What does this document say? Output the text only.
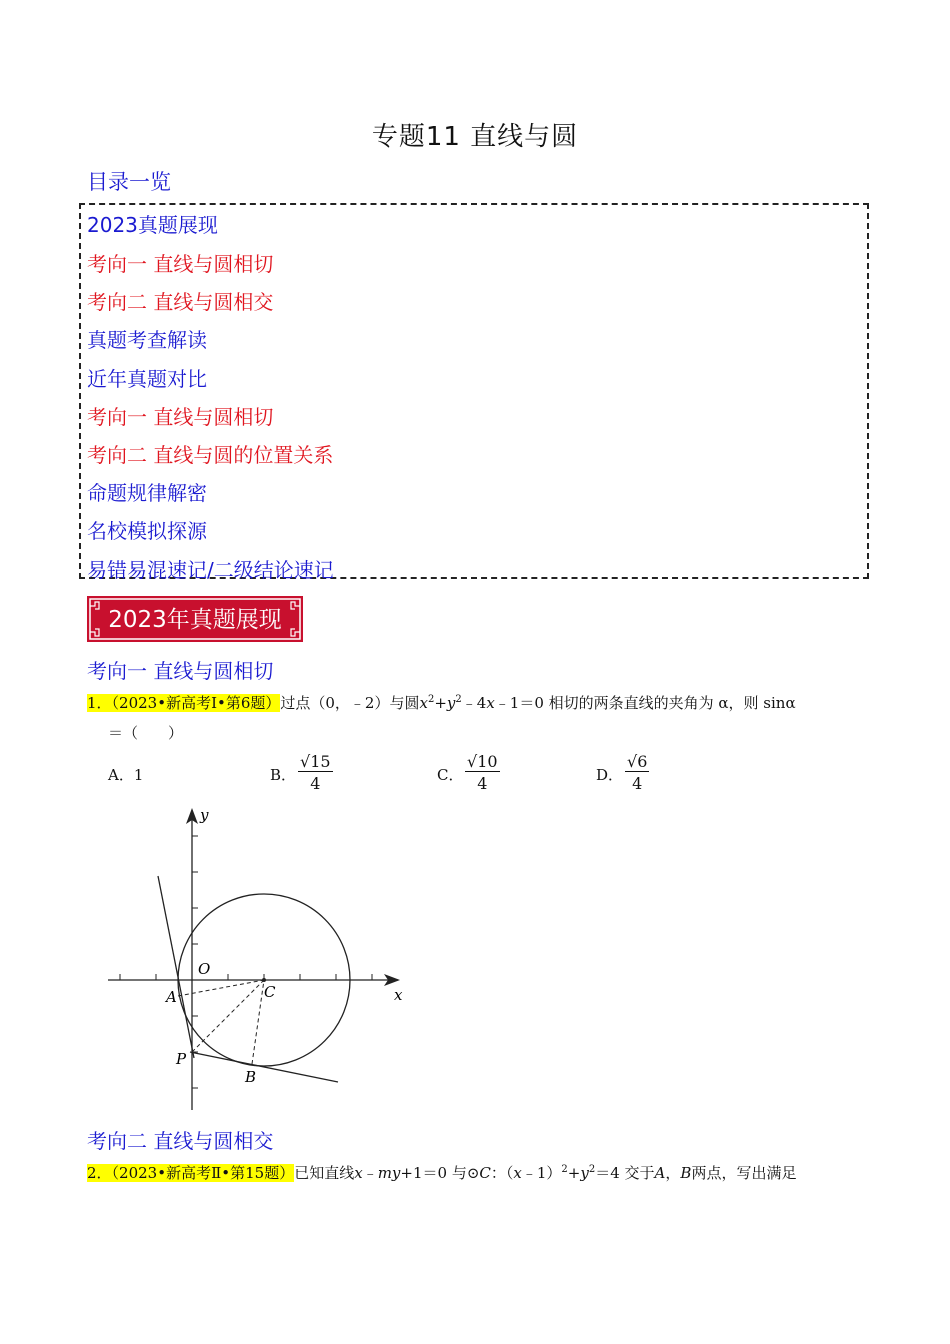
专题11 直线与圆
目录一览
2023真题展现
考向一 直线与圆相切
考向二 直线与圆相交
真题考查解读
近年真题对比
考向一 直线与圆相切
考向二 直线与圆的位置关系
命题规律解密
名校模拟探源
易错易混速记/二级结论速记
2023年真题展现
考向一 直线与圆相切
1．（2023•新高考Ⅰ•第6题）过点（0，﹣2）与圆$x^2+y^2﹣4x﹣1=0$ 相切的两条直线的夹角为 α，则 sinα
＝（　　）
A．1	B． $\frac{√15}{4}$	C． $\frac{√10}{4}$	D． $\frac{√6}{4}$
y
x
O
A	C
P
B
考向二 直线与圆相交
2．（2023•新高考Ⅱ•第15题）已知直线x﹣my+1＝0 与⊙C：$(x﹣1)^2+y^2=4$ 交于A，B两点，写出满足
